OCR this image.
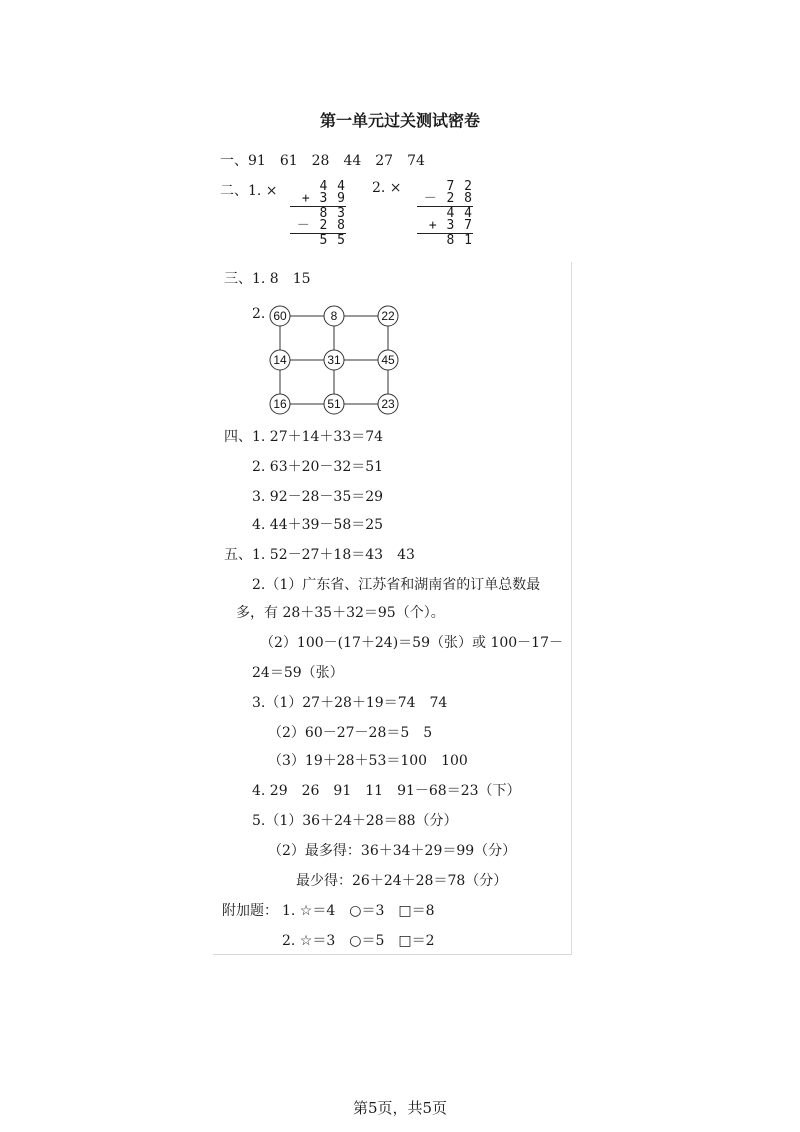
第一单元过关测试密卷
一、91　61　28　44　27　74
二、1. ×	4 4
+ 3 9
8 3
－ 2 8
5 5
2. ×	7 2
－ 2 8
4 4
+ 3 7
8 1
三、1. 8　15
2. 60	8	22
14	31	45
16	51	23
四、 1. 27＋14＋33＝74
2. 63＋20－32＝51
3. 92－28－35＝29
4. 44＋39－58＝25
五、 1. 52－27＋18＝43　43
2.（1）广东省、江苏省和湖南省的订单总数最
多，有 28＋35＋32＝95（个）。
（2）100－(17＋24)＝59（张）或 100－17－
24＝59（张）
3.（1）27＋28＋19＝74　74
（2）60－27－28＝5　5
（3）19＋28＋53＝100　100
4. 29　26　91　11　91－68＝23（下）
5.（1）36＋24＋28＝88（分）
（2）最多得：36＋34＋29＝99（分）
最少得：26＋24＋28＝78（分）
附加题： 1. ☆＝4　○＝3　□＝8
2. ☆＝3　○＝5　□＝2
第5页，共5页
